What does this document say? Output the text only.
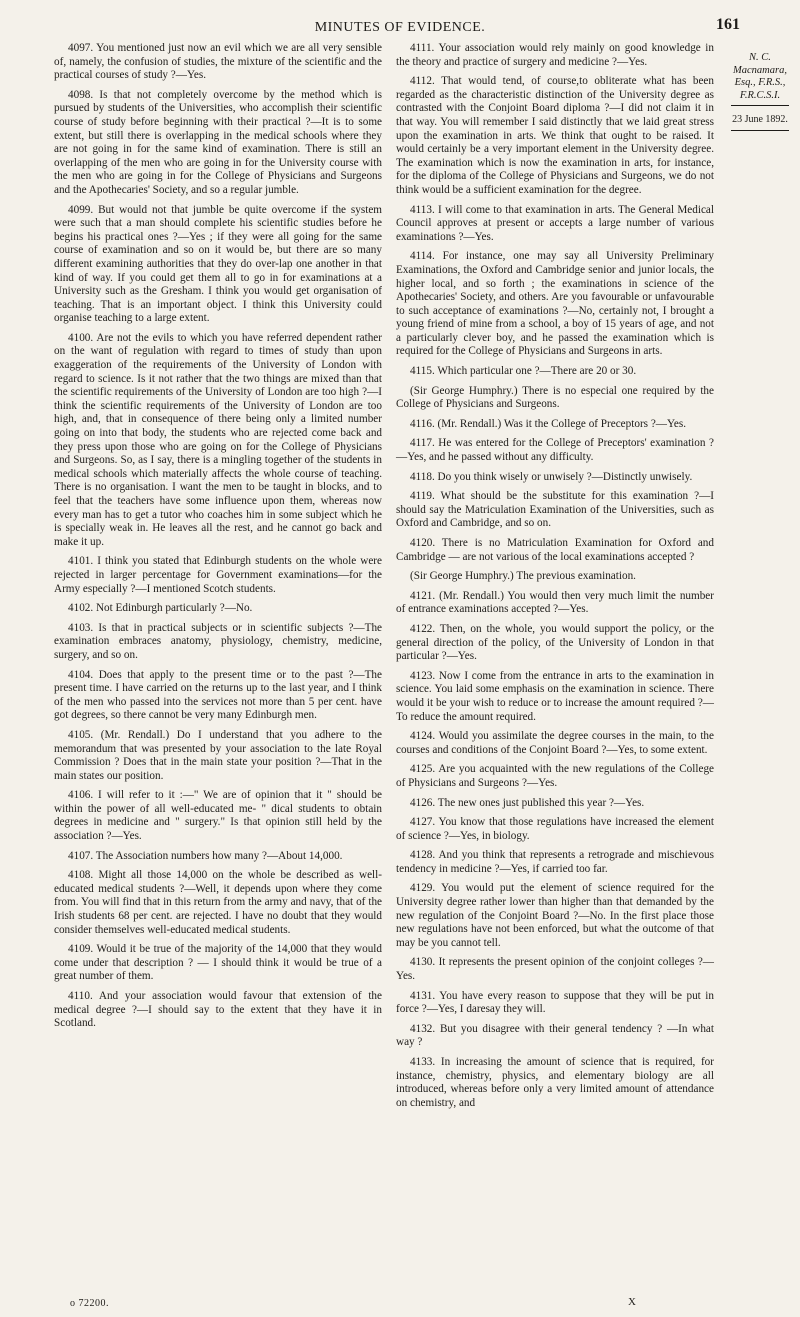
MINUTES OF EVIDENCE.	161

4097. You mentioned just now an evil which we are all very sensible of, namely, the confusion of studies, the mixture of the scientific and the practical courses of study ?—Yes.

4098. Is that not completely overcome by the method which is pursued by students of the Universities, who accomplish their scientific course of study before beginning with their practical ?—It is to some extent, but still there is overlapping in the medical schools where they are not going in for the same kind of examination. There is still an overlapping of the men who are going in for the University course with the men who are going in for the College of Physicians and Surgeons and the Apothecaries' Society, and so a regular jumble.

4099. But would not that jumble be quite overcome if the system were such that a man should complete his scientific studies before he begins his practical ones ?—Yes ; if they were all going for the same course of examination and so on it would be, but there are so many different examining authorities that they do over-lap one another in that kind of way. If you could get them all to go in for examinations at a University such as the Gresham. I think you would get organisation of teaching. That is an important object. I think this University could organise teaching to a large extent.

4100. Are not the evils to which you have referred dependent rather on the want of regulation with regard to times of study than upon exaggeration of the requirements of the University of London with regard to science. Is it not rather that the two things are mixed than that the scientific requirements of the University of London are too high ?—I think the scientific requirements of the University of London are too high, and, that in consequence of there being only a limited number going on into that body, the students who are rejected come back and they press upon those who are going on for the College of Physicians and Surgeons. So, as I say, there is a mingling together of the students in medical schools which materially affects the whole course of teaching. There is no organisation. I want the men to be taught in blocks, and to feel that the teachers have some influence upon them, whereas now every man has to get a tutor who coaches him in some subject which he is specially weak in. He leaves all the rest, and he cannot go back and make it up.

4101. I think you stated that Edinburgh students on the whole were rejected in larger percentage for Government examinations—for the Army especially ?—I mentioned Scotch students.

4102. Not Edinburgh particularly ?—No.

4103. Is that in practical subjects or in scientific subjects ?—The examination embraces anatomy, physiology, chemistry, medicine, surgery, and so on.

4104. Does that apply to the present time or to the past ?—The present time. I have carried on the returns up to the last year, and I think of the men who passed into the services not more than 5 per cent. have got degrees, so there cannot be very many Edinburgh men.

4105. (Mr. Rendall.) Do I understand that you adhere to the memorandum that was presented by your association to the late Royal Commission ? Does that in the main state your position ?—That in the main states our position.

4106. I will refer to it :—" We are of opinion that it " should be within the power of all well-educated me- " dical students to obtain degrees in medicine and " surgery." Is that opinion still held by the association ?—Yes.

4107. The Association numbers how many ?—About 14,000.

4108. Might all those 14,000 on the whole be described as well-educated medical students ?—Well, it depends upon where they come from. You will find that in this return from the army and navy, that of the Irish students 68 per cent. are rejected. I have no doubt that they would consider themselves well-educated medical students.

4109. Would it be true of the majority of the 14,000 that they would come under that description ? — I should think it would be true of a great number of them.

4110. And your association would favour that extension of the medical degree ?—I should say to the extent that they have it in Scotland.

4111. Your association would rely mainly on good knowledge in the theory and practice of surgery and medicine ?—Yes.

4112. That would tend, of course,to obliterate what has been regarded as the characteristic distinction of the University degree as contrasted with the Conjoint Board diploma ?—I did not claim it in that way. You will remember I said distinctly that we laid great stress upon the examination in arts. We think that ought to be raised. It would certainly be a very important element in the University degree. The examination which is now the examination in arts, for instance, for the diploma of the College of Physicians and Surgeons, we do not think would be a sufficient examination for the degree.

4113. I will come to that examination in arts. The General Medical Council approves at present or accepts a large number of various examinations ?—Yes.

4114. For instance, one may say all University Preliminary Examinations, the Oxford and Cambridge senior and junior locals, the higher local, and so forth ; the examinations in science of the Apothecaries' Society, and others. Are you favourable or unfavourable to such acceptance of examinations ?—No, certainly not, I brought a young friend of mine from a school, a boy of 15 years of age, and not a particularly clever boy, and he passed the examination which is required for the College of Physicians and Surgeons in arts.

4115. Which particular one ?—There are 20 or 30.

(Sir George Humphry.) There is no especial one required by the College of Physicians and Surgeons.

4116. (Mr. Rendall.) Was it the College of Preceptors ?—Yes.

4117. He was entered for the College of Preceptors' examination ?—Yes, and he passed without any difficulty.

4118. Do you think wisely or unwisely ?—Distinctly unwisely.

4119. What should be the substitute for this examination ?—I should say the Matriculation Examination of the Universities, such as Oxford and Cambridge, and so on.

4120. There is no Matriculation Examination for Oxford and Cambridge — are not various of the local examinations accepted ?

(Sir George Humphry.) The previous examination.

4121. (Mr. Rendall.) You would then very much limit the number of entrance examinations accepted ?—Yes.

4122. Then, on the whole, you would support the policy, or the general direction of the policy, of the University of London in that particular ?—Yes.

4123. Now I come from the entrance in arts to the examination in science. You laid some emphasis on the examination in science. There would it be your wish to reduce or to increase the amount required ?—To reduce the amount required.

4124. Would you assimilate the degree courses in the main, to the courses and conditions of the Conjoint Board ?—Yes, to some extent.

4125. Are you acquainted with the new regulations of the College of Physicians and Surgeons ?—Yes.

4126. The new ones just published this year ?—Yes.

4127. You know that those regulations have increased the element of science ?—Yes, in biology.

4128. And you think that represents a retrograde and mischievous tendency in medicine ?—Yes, if carried too far.

4129. You would put the element of science required for the University degree rather lower than higher than that demanded by the new regulation of the Conjoint Board ?—No. In the first place those new regulations have not been enforced, but what the outcome of that may be you cannot tell.

4130. It represents the present opinion of the conjoint colleges ?—Yes.

4131. You have every reason to suppose that they will be put in force ?—Yes, I daresay they will.

4132. But you disagree with their general tendency ? —In what way ?

4133. In increasing the amount of science that is required, for instance, chemistry, physics, and elementary biology are all introduced, whereas before only a very limited amount of attendance on chemistry, and

N. C.
Macnamara,
Esq., F.R.S.,
F.R.C.S.I.
23 June 1892.
o 72200.	X
